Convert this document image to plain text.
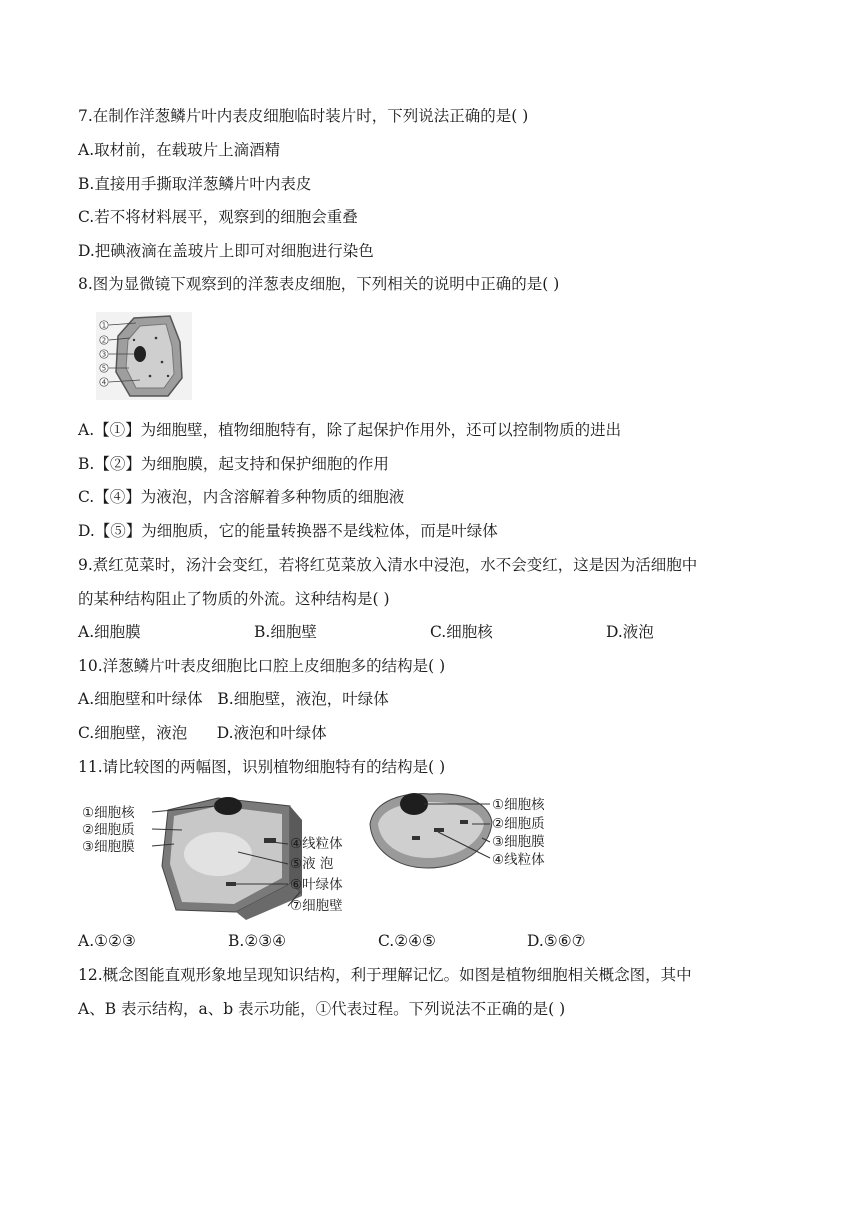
7.在制作洋葱鳞片叶内表皮细胞临时装片时，下列说法正确的是( )
A.取材前，在载玻片上滴酒精
B.直接用手撕取洋葱鳞片叶内表皮
C.若不将材料展平，观察到的细胞会重叠
D.把碘液滴在盖玻片上即可对细胞进行染色
8.图为显微镜下观察到的洋葱表皮细胞，下列相关的说明中正确的是( )
1
2
3
5
4
A.【①】为细胞壁，植物细胞特有，除了起保护作用外，还可以控制物质的进出
B.【②】为细胞膜，起支持和保护细胞的作用
C.【④】为液泡，内含溶解着多种物质的细胞液
D.【⑤】为细胞质，它的能量转换器不是线粒体，而是叶绿体
9.煮红苋菜时，汤汁会变红，若将红苋菜放入清水中浸泡，水不会变红，这是因为活细胞中
的某种结构阻止了物质的外流。这种结构是( )
A.细胞膜	B.细胞壁	C.细胞核	D.液泡
10.洋葱鳞片叶表皮细胞比口腔上皮细胞多的结构是( )
A.细胞壁和叶绿体   B.细胞壁，液泡，叶绿体
C.细胞壁，液泡      D.液泡和叶绿体
11.请比较图的两幅图，识别植物细胞特有的结构是( )
①细胞核
②细胞质
③细胞膜	④线粒体
⑤液 泡
⑥叶绿体
⑦细胞壁
①细胞核
②细胞质
③细胞膜
④线粒体
A.①②③	B.②③④	C.②④⑤	D.⑤⑥⑦
12.概念图能直观形象地呈现知识结构，利于理解记忆。如图是植物细胞相关概念图，其中
A、B 表示结构，a、b 表示功能，①代表过程。下列说法不正确的是( )
